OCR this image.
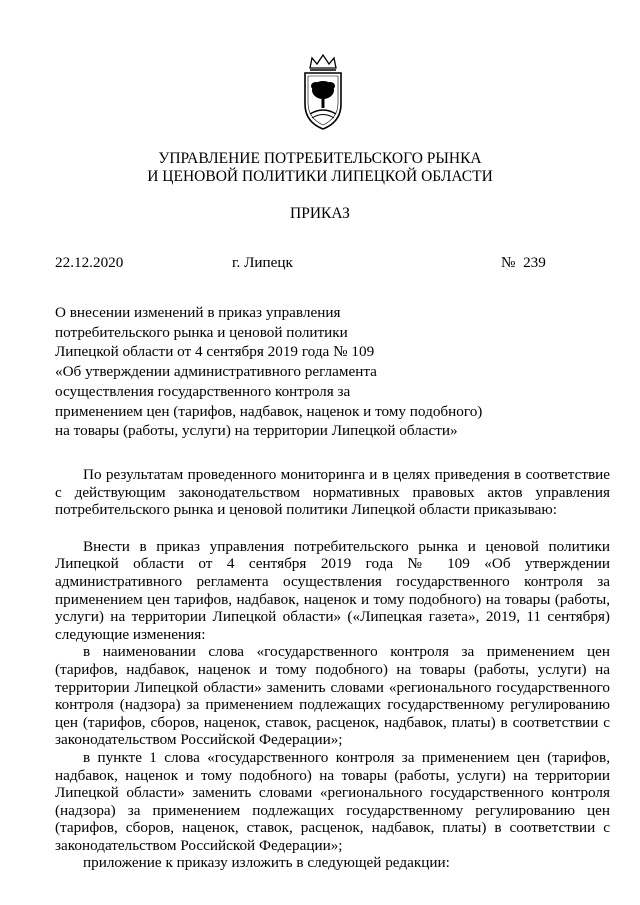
УПРАВЛЕНИЕ ПОТРЕБИТЕЛЬСКОГО РЫНКА
И ЦЕНОВОЙ ПОЛИТИКИ ЛИПЕЦКОЙ ОБЛАСТИ
ПРИКАЗ
22.12.2020	г. Липецк	№  239
О внесении изменений в приказ управления
потребительского рынка и ценовой политики
Липецкой области от 4 сентября 2019 года № 109
«Об утверждении административного регламента
осуществления государственного контроля за
применением цен (тарифов, надбавок, наценок и тому подобного)
на товары (работы, услуги) на территории Липецкой области»

По результатам проведенного мониторинга и в целях приведения в соответствие с действующим законодательством нормативных правовых актов управления потребительского рынка и ценовой политики Липецкой области приказываю:

Внести в приказ управления потребительского рынка и ценовой политики Липецкой области от 4 сентября 2019 года № 109 «Об утверждении административного регламента осуществления государственного контроля за применением цен тарифов, надбавок, наценок и тому подобного) на товары (работы, услуги) на территории Липецкой области» («Липецкая газета», 2019, 11 сентября) следующие изменения:

в наименовании слова «государственного контроля за применением цен (тарифов, надбавок, наценок и тому подобного) на товары (работы, услуги) на территории Липецкой области» заменить словами «регионального государственного контроля (надзора) за применением подлежащих государственному регулированию цен (тарифов, сборов, наценок, ставок, расценок, надбавок, платы) в соответствии с законодательством Российской Федерации»;

в пункте 1 слова «государственного контроля за применением цен (тарифов, надбавок, наценок и тому подобного) на товары (работы, услуги) на территории Липецкой области» заменить словами «регионального государственного контроля (надзора) за применением подлежащих государственному регулированию цен (тарифов, сборов, наценок, ставок, расценок, надбавок, платы) в соответствии с законодательством Российской Федерации»;

приложение к приказу изложить в следующей редакции:
